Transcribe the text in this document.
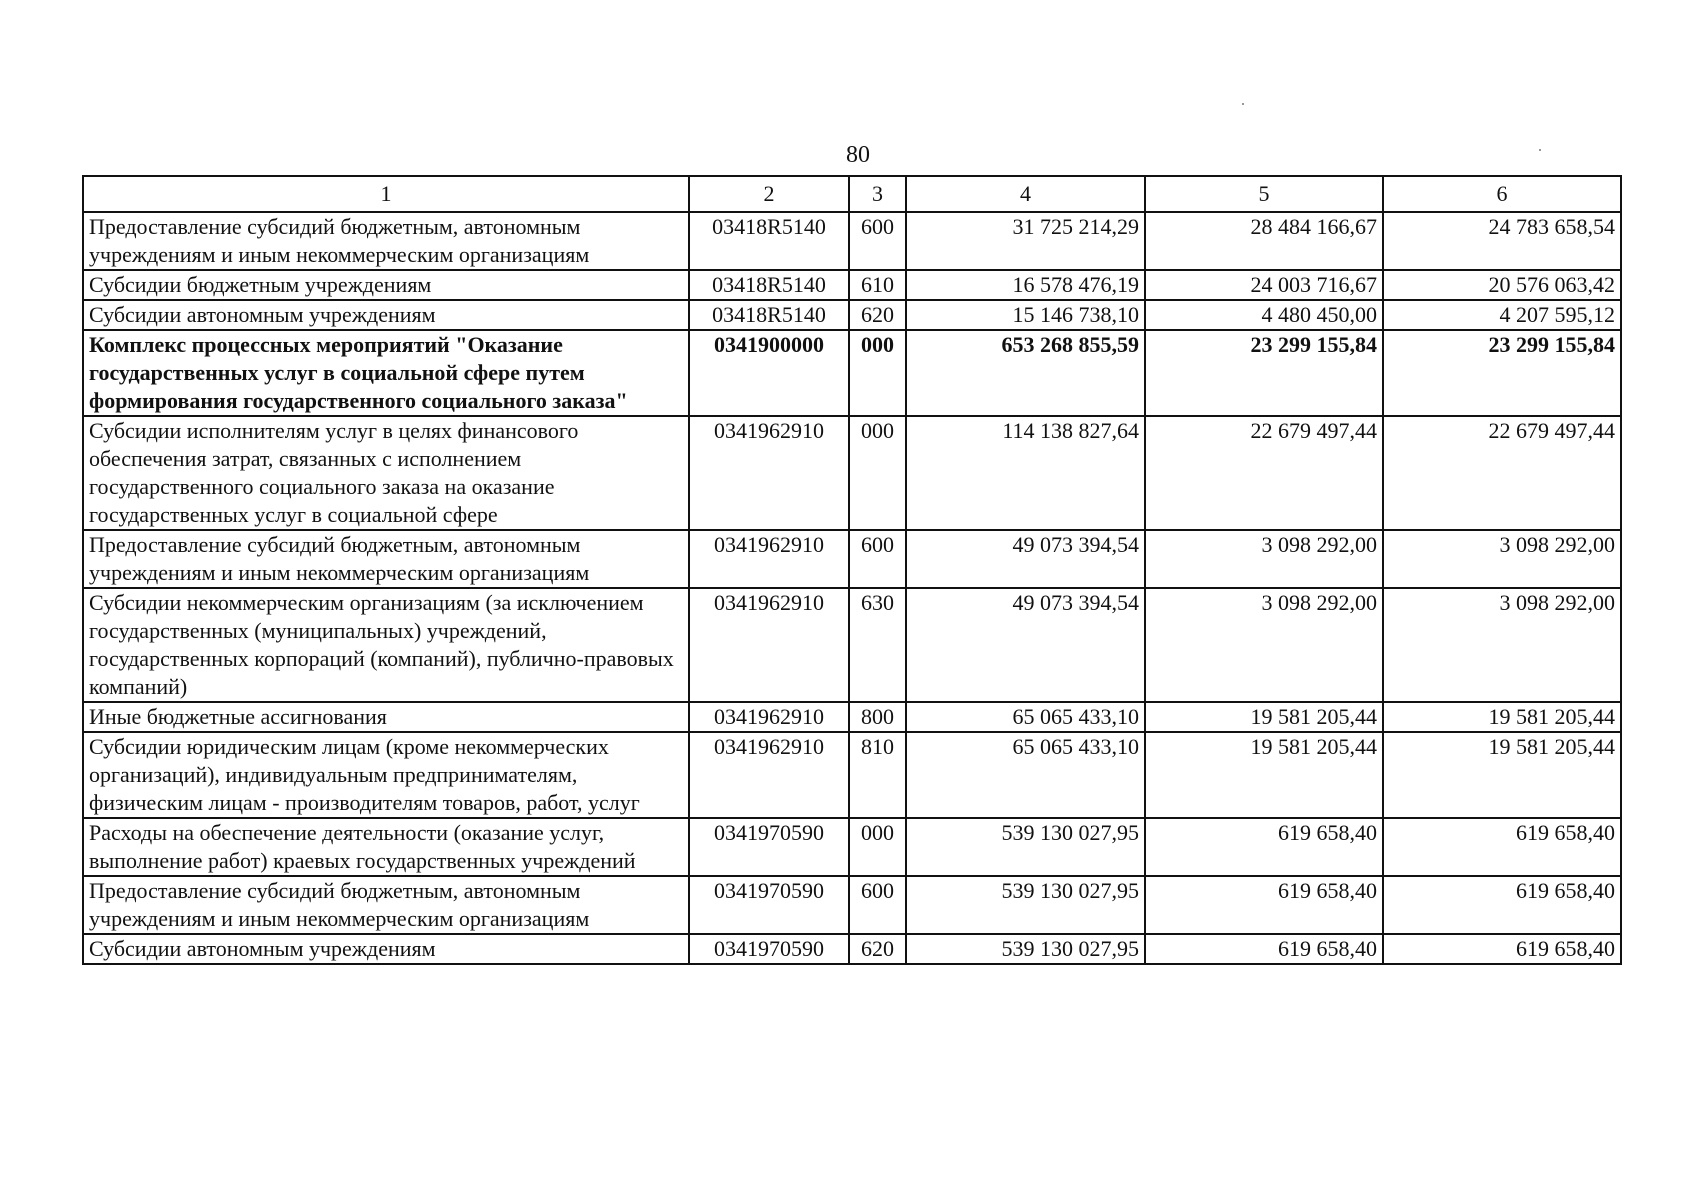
80
1	2	3	4	5	6
Предоставление субсидий бюджетным, автономным учреждениям и иным некоммерческим организациям	03418R5140	600	31 725 214,29	28 484 166,67	24 783 658,54
Субсидии бюджетным учреждениям	03418R5140	610	16 578 476,19	24 003 716,67	20 576 063,42
Субсидии автономным учреждениям	03418R5140	620	15 146 738,10	4 480 450,00	4 207 595,12
Комплекс процессных мероприятий "Оказание государственных услуг в социальной сфере путем формирования государственного социального заказа"	0341900000	000	653 268 855,59	23 299 155,84	23 299 155,84
Субсидии исполнителям услуг в целях финансового обеспечения затрат, связанных с исполнением государственного социального заказа на оказание государственных услуг в социальной сфере	0341962910	000	114 138 827,64	22 679 497,44	22 679 497,44
Предоставление субсидий бюджетным, автономным учреждениям и иным некоммерческим организациям	0341962910	600	49 073 394,54	3 098 292,00	3 098 292,00
Субсидии некоммерческим организациям (за исключением государственных (муниципальных) учреждений, государственных корпораций (компаний), публично-правовых компаний)	0341962910	630	49 073 394,54	3 098 292,00	3 098 292,00
Иные бюджетные ассигнования	0341962910	800	65 065 433,10	19 581 205,44	19 581 205,44
Субсидии юридическим лицам (кроме некоммерческих организаций), индивидуальным предпринимателям, физическим лицам - производителям товаров, работ, услуг	0341962910	810	65 065 433,10	19 581 205,44	19 581 205,44
Расходы на обеспечение деятельности (оказание услуг, выполнение работ) краевых государственных учреждений	0341970590	000	539 130 027,95	619 658,40	619 658,40
Предоставление субсидий бюджетным, автономным учреждениям и иным некоммерческим организациям	0341970590	600	539 130 027,95	619 658,40	619 658,40
Субсидии автономным учреждениям	0341970590	620	539 130 027,95	619 658,40	619 658,40
